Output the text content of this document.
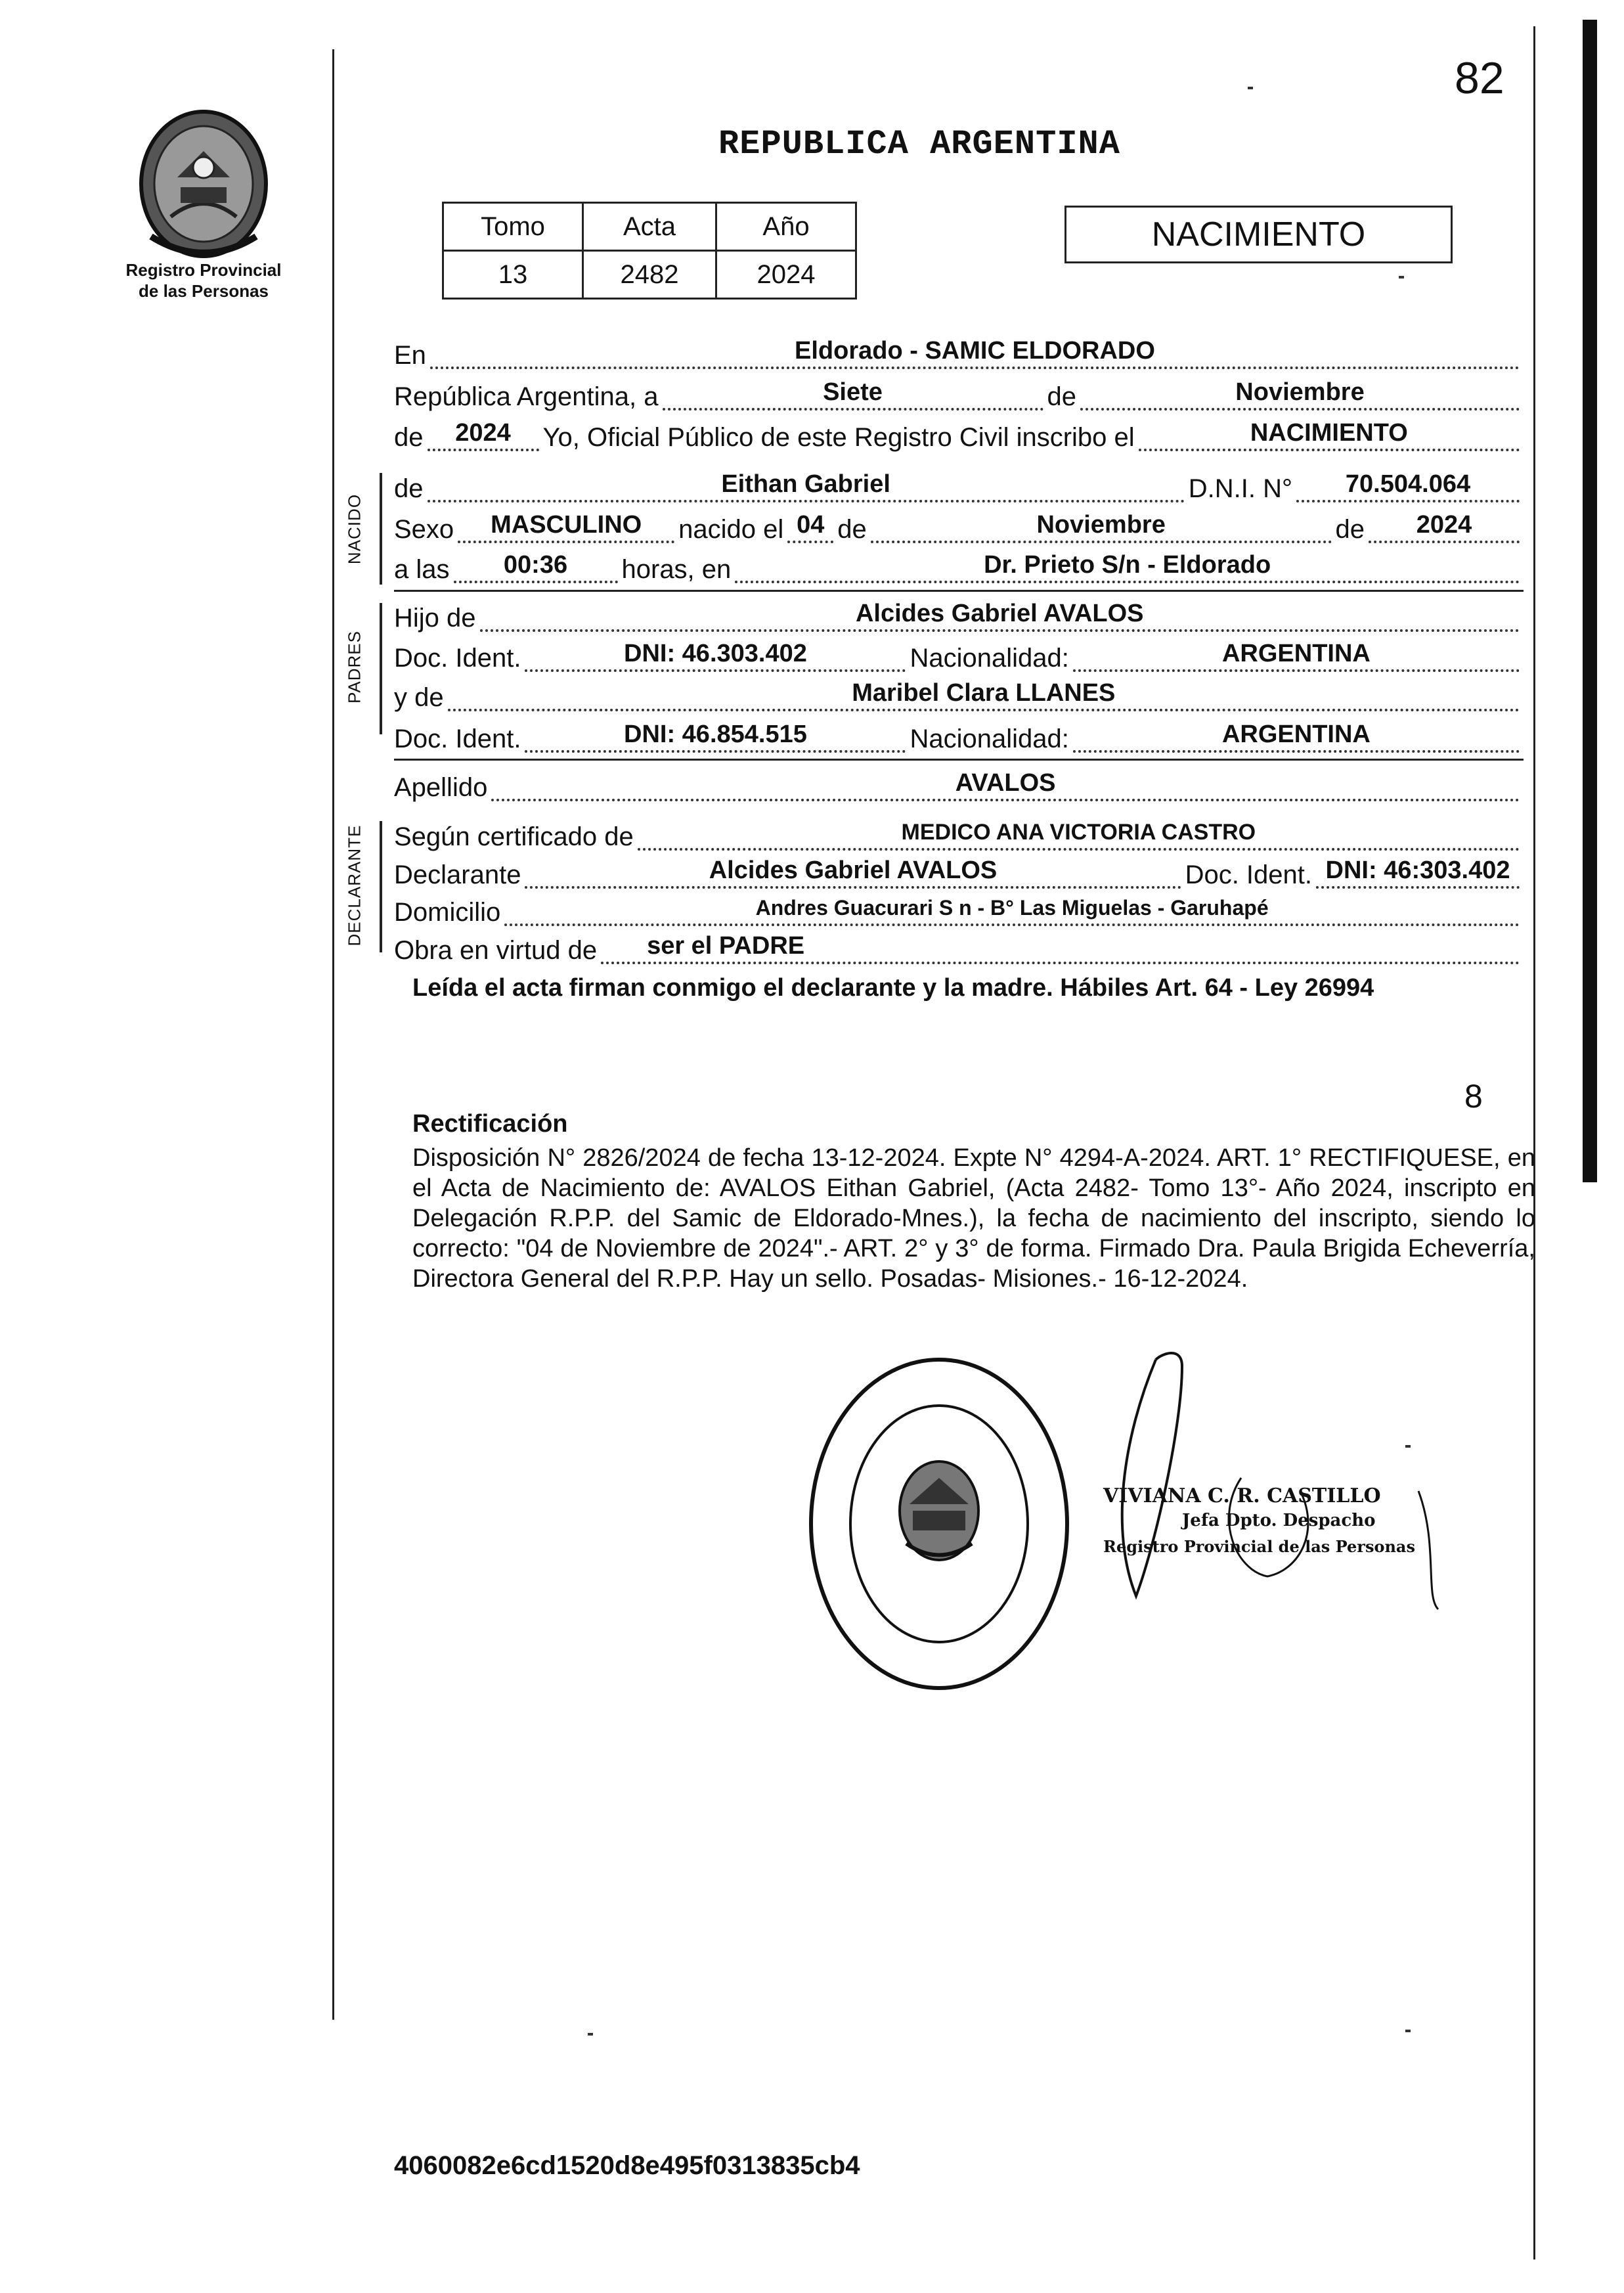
82
Registro Provincial
de las Personas
REPUBLICA ARGENTINA
Tomo	Acta	Año
13	2482	2024
NACIMIENTO
En	Eldorado - SAMIC ELDORADO
República Argentina, a	Siete	de	Noviembre
de	2024	Yo, Oficial Público de este Registro Civil inscribo el	NACIMIENTO
NACIDO
de	Eithan Gabriel	D.N.I. N°	70.504.064
Sexo	MASCULINO	nacido el 04 de	Noviembre	de	2024
a las	00:36	horas, en	Dr. Prieto S/n - Eldorado
PADRES
Hijo de	Alcides Gabriel AVALOS
Doc. Ident.	DNI: 46.303.402	Nacionalidad:	ARGENTINA
y de	Maribel Clara LLANES
Doc. Ident.	DNI: 46.854.515	Nacionalidad:	ARGENTINA
Apellido	AVALOS
DECLARANTE Según certificado de	MEDICO ANA VICTORIA CASTRO
Declarante	Alcides Gabriel AVALOS	Doc. Ident. DNI: 46:303.402
Domicilio	Andres Guacurari S n - B° Las Miguelas - Garuhapé
Obra en virtud de	ser el PADRE
Leída el acta firman conmigo el declarante y la madre. Hábiles Art. 64 - Ley 26994
8
Rectificación
Disposición N° 2826/2024 de fecha 13-12-2024. Expte N° 4294-A-2024. ART. 1° RECTIFIQUESE, en el Acta de Nacimiento de: AVALOS Eithan Gabriel, (Acta 2482- Tomo 13°- Año 2024, inscripto en Delegación R.P.P. del Samic de Eldorado-Mnes.), la fecha de nacimiento del inscripto, siendo lo correcto: "04 de Noviembre de 2024".- ART. 2° y 3° de forma. Firmado Dra. Paula Brigida Echeverría, Directora General del R.P.P. Hay un sello. Posadas- Misiones.- 16-12-2024.
VIVIANA C. R. CASTILLO
Jefa Dpto. Despacho
Registro Provincial de las Personas
4060082e6cd1520d8e495f0313835cb4
